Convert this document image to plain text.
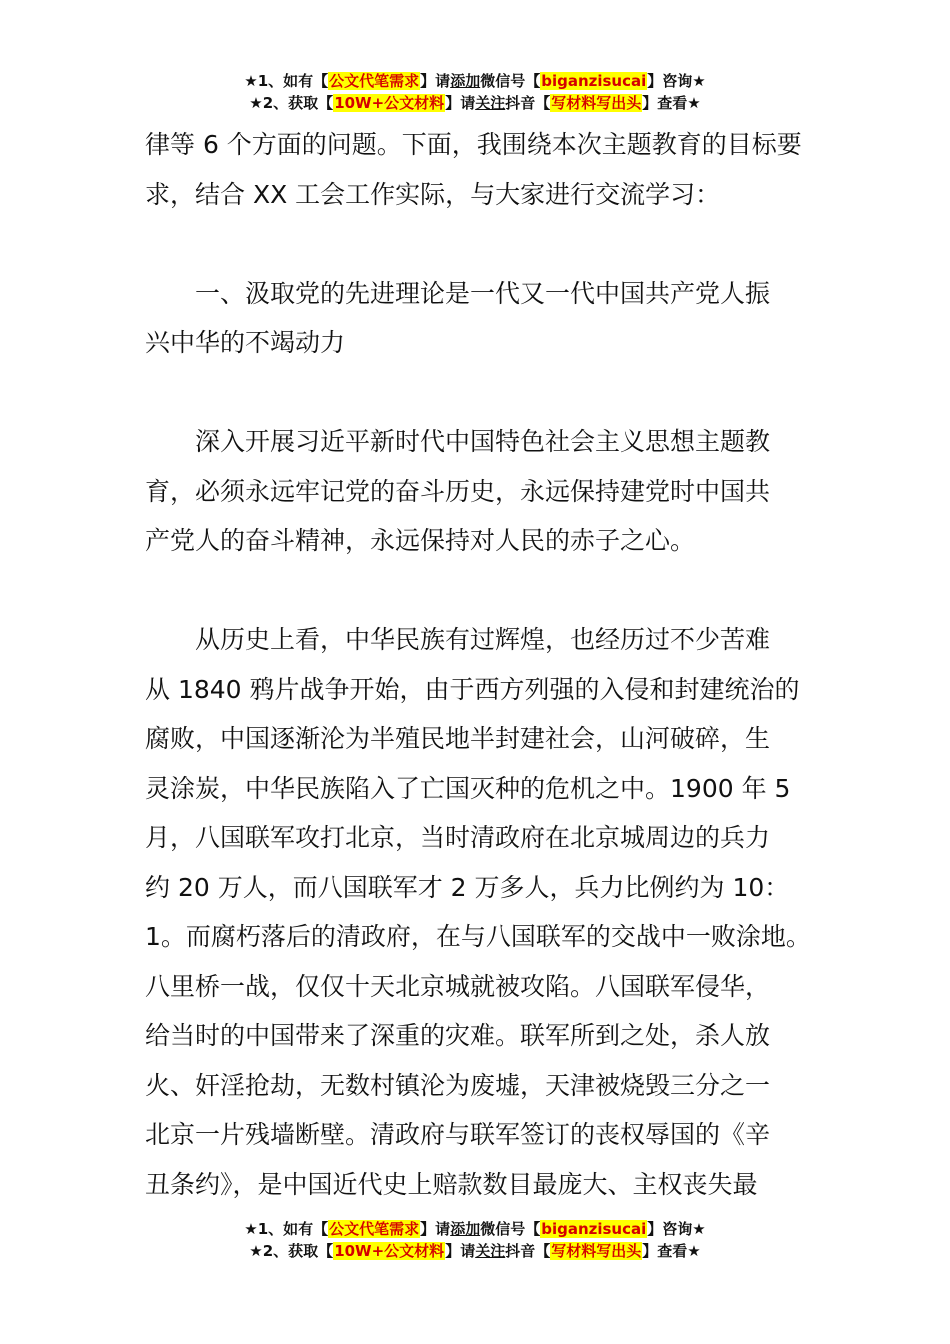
★1、如有【公文代笔需求】请添加微信号【biganzisucai】咨询★
★2、获取【10W+公文材料】请关注抖音【写材料写出头】查看★

律等 6 个方面的问题。下面，我围绕本次主题教育的目标要
求，结合 XX 工会工作实际，与大家进行交流学习：

一、汲取党的先进理论是一代又一代中国共产党人振
兴中华的不竭动力

深入开展习近平新时代中国特色社会主义思想主题教
育，必须永远牢记党的奋斗历史，永远保持建党时中国共
产党人的奋斗精神，永远保持对人民的赤子之心。

从历史上看，中华民族有过辉煌，也经历过不少苦难
从 1840 鸦片战争开始，由于西方列强的入侵和封建统治的
腐败，中国逐渐沦为半殖民地半封建社会，山河破碎，生
灵涂炭，中华民族陷入了亡国灭种的危机之中。1900 年 5
月，八国联军攻打北京，当时清政府在北京城周边的兵力
约 20 万人，而八国联军才 2 万多人，兵力比例约为 10：
1。而腐朽落后的清政府，在与八国联军的交战中一败涂地。
八里桥一战，仅仅十天北京城就被攻陷。八国联军侵华，
给当时的中国带来了深重的灾难。联军所到之处，杀人放
火、奸淫抢劫，无数村镇沦为废墟，天津被烧毁三分之一
北京一片残墙断壁。清政府与联军签订的丧权辱国的《辛
丑条约》，是中国近代史上赔款数目最庞大、主权丧失最

★1、如有【公文代笔需求】请添加微信号【biganzisucai】咨询★
★2、获取【10W+公文材料】请关注抖音【写材料写出头】查看★
